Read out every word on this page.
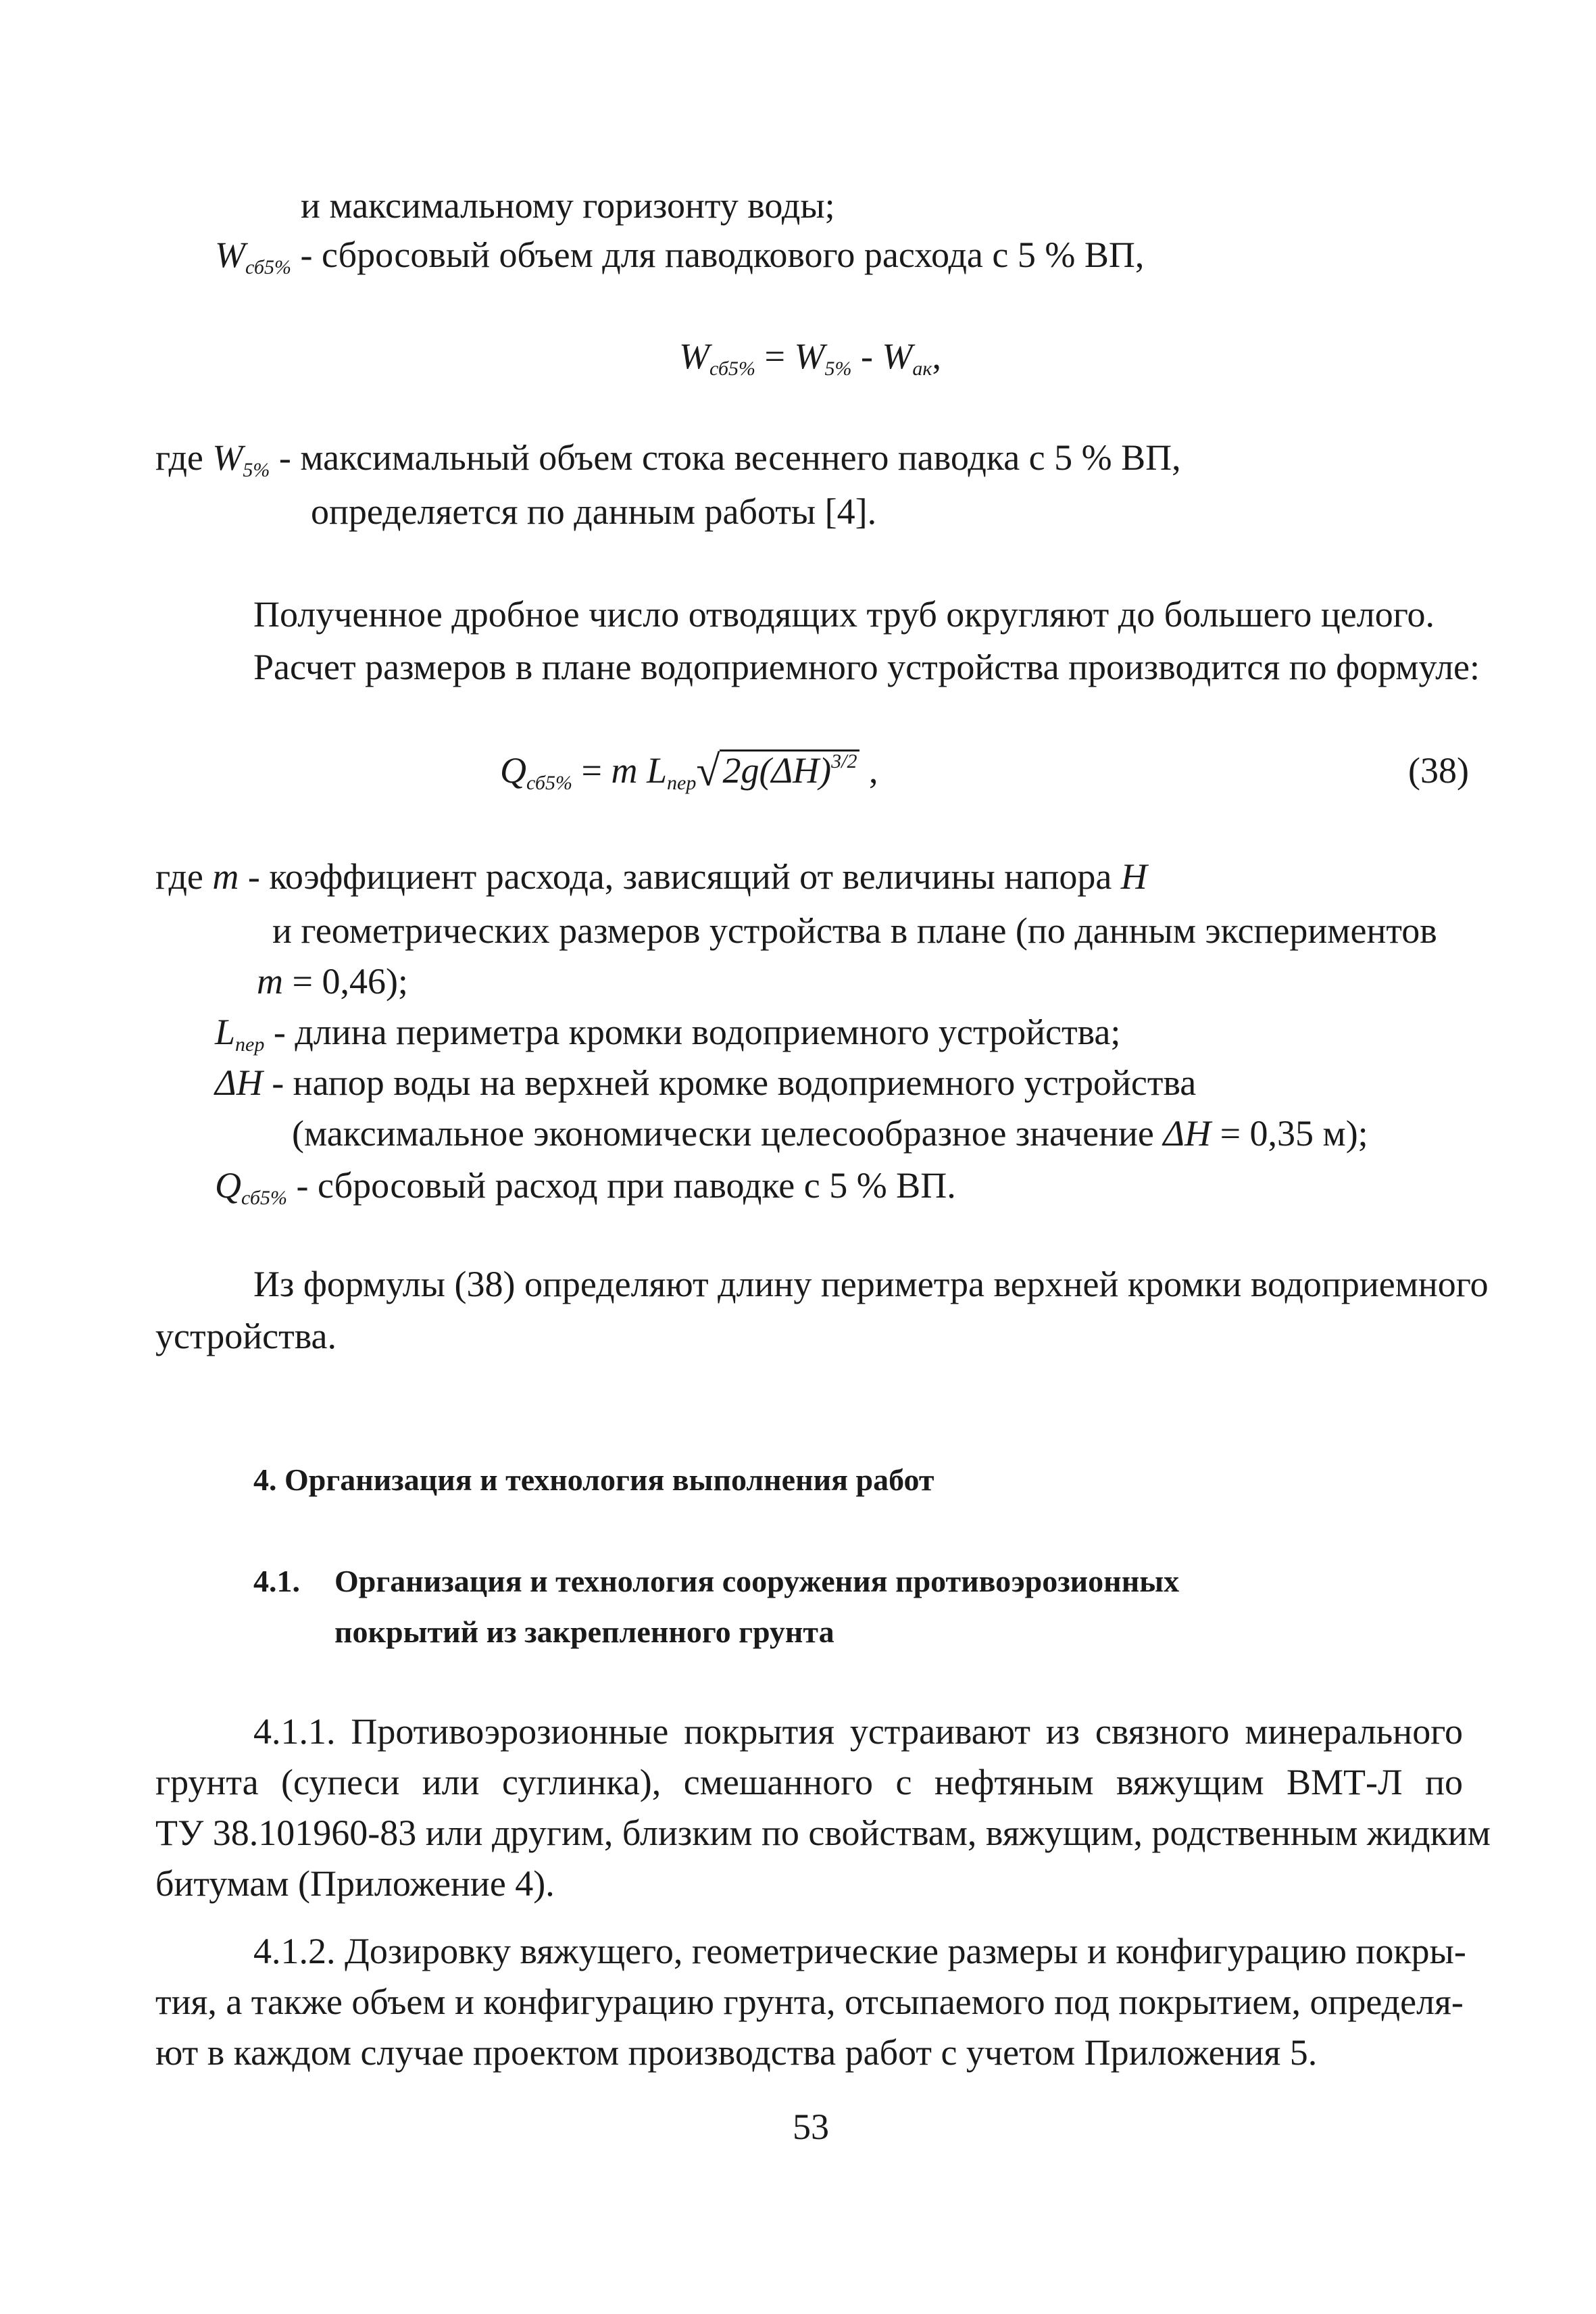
и максимальному горизонту воды;
$W_{сб5\%}$ - сбросовый объем для паводкового расхода с 5 % ВП,
$W_{сб5\%} = W_{5\%} - W_{ак}$,
где $W_{5\%}$ - максимальный объем стока весеннего паводка с 5 % ВП,
определяется по данным работы [4].
Полученное дробное число отводящих труб округляют до большего целого.
Расчет размеров в плане водоприемного устройства производится по формуле:
$Q_{сб5\%} = m$ $L_{пер}√2g(\Delta H)^{3/2}$ ,	(38)
где m - коэффициент расхода, зависящий от величины напора H
и геометрических размеров устройства в плане (по данным экспериментов
m = 0,46);
$L_{пер}$ - длина периметра кромки водоприемного устройства;
ΔH - напор воды на верхней кромке водоприемного устройства
(максимальное экономически целесообразное значение ΔH = 0,35 м);
$Q_{сб5\%}$ - сбросовый расход при паводке с 5 % ВП.
Из формулы (38) определяют длину периметра верхней кромки водоприемного
устройства.
4. Организация и технология выполнения работ
4.1. Организация и технология сооружения противоэрозионных
покрытий из закрепленного грунта
4.1.1. Противоэрозионные покрытия устраивают из связного минерального
грунта (супеси или суглинка), смешанного с нефтяным вяжущим ВМТ-Л по
ТУ 38.101960-83 или другим, близким по свойствам, вяжущим, родственным жидким
битумам (Приложение 4).
4.1.2. Дозировку вяжущего, геометрические размеры и конфигурацию покры-
тия, а также объем и конфигурацию грунта, отсыпаемого под покрытием, определя-
ют в каждом случае проектом производства работ с учетом Приложения 5.
53
